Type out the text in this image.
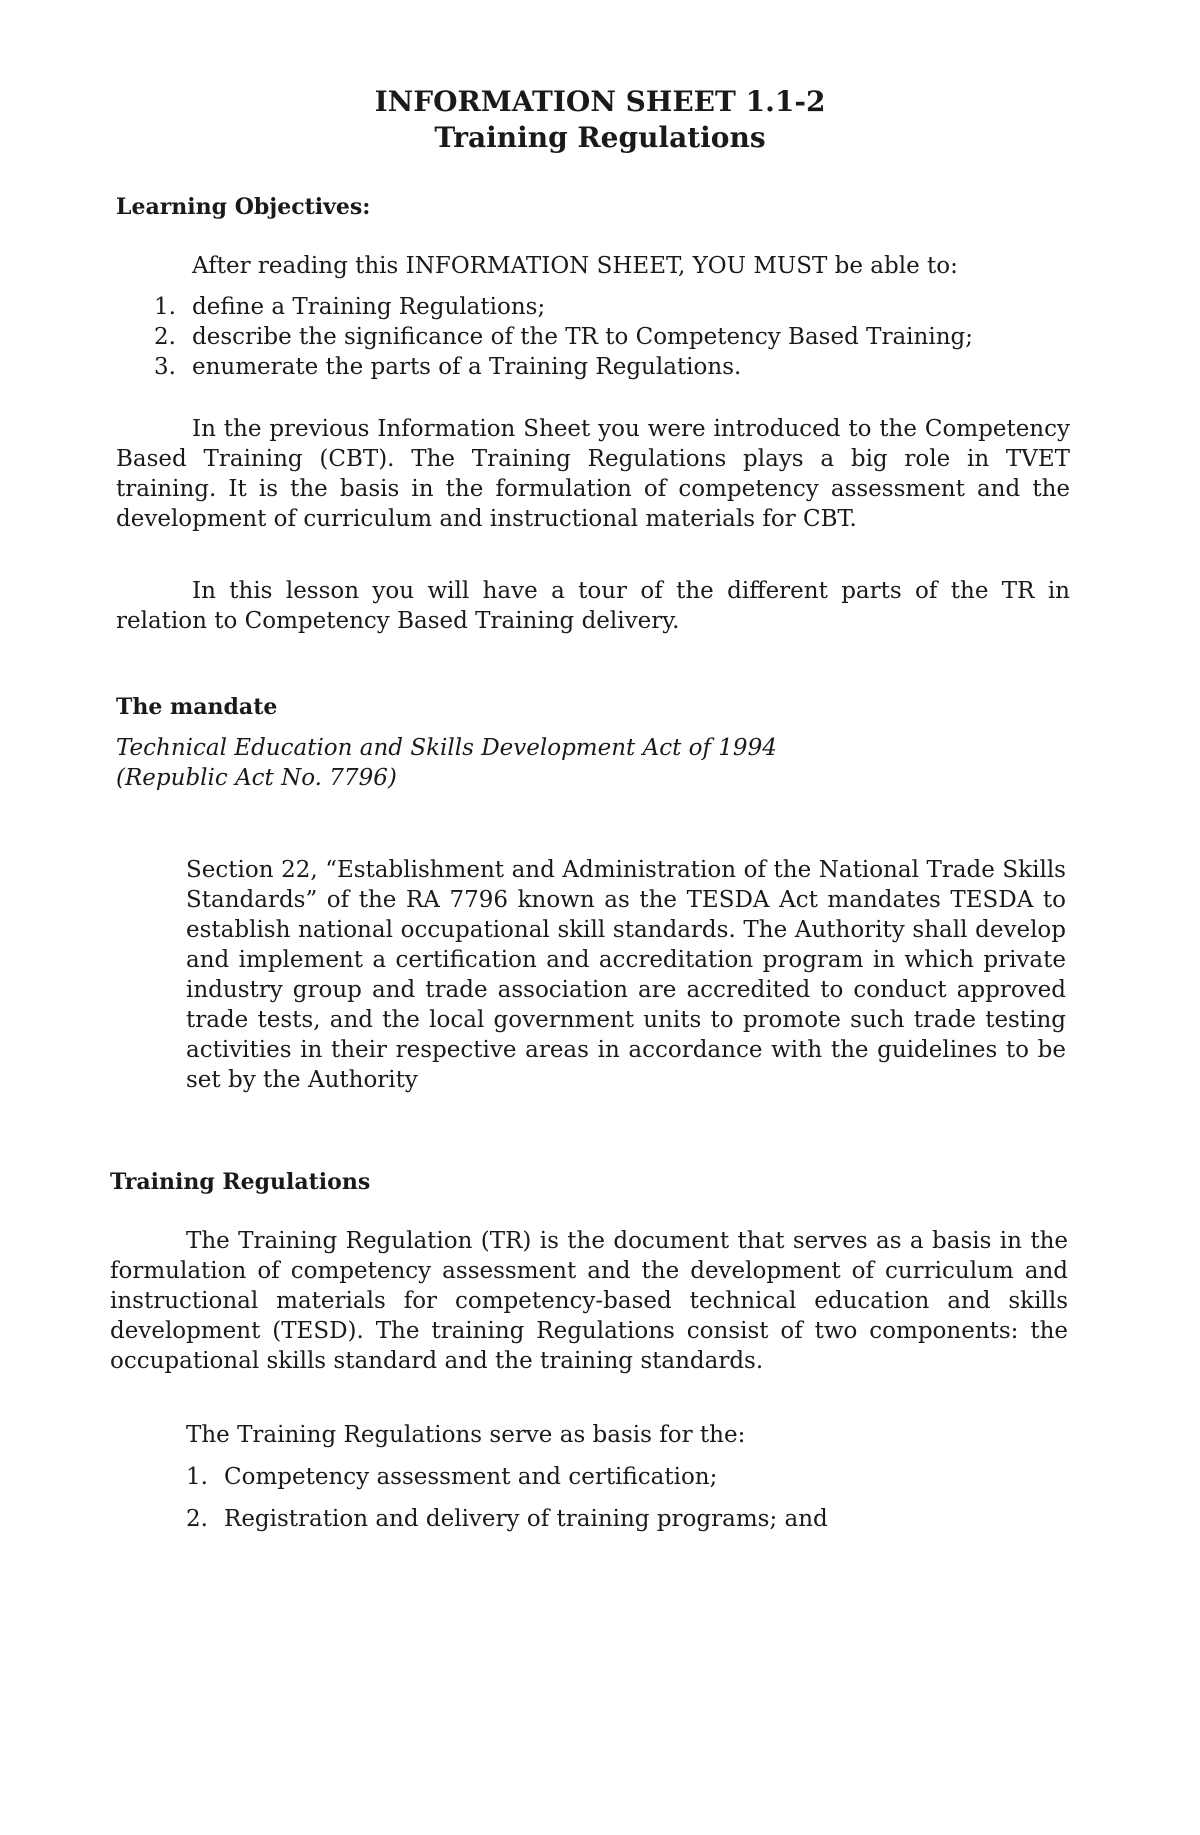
INFORMATION SHEET 1.1-2

Training Regulations

Learning Objectives:

After reading this INFORMATION SHEET, YOU MUST be able to:

1. define a Training Regulations;
2. describe the significance of the TR to Competency Based Training;
3. enumerate the parts of a Training Regulations.

In the previous Information Sheet you were introduced to the Competency Based Training (CBT). The Training Regulations plays a big role in TVET training. It is the basis in the formulation of competency assessment and the development of curriculum and instructional materials for CBT.

In this lesson you will have a tour of the different parts of the TR in relation to Competency Based Training delivery.

The mandate

Technical Education and Skills Development Act of 1994

(Republic Act No. 7796)

Section 22, “Establishment and Administration of the National Trade Skills Standards” of the RA 7796 known as the TESDA Act mandates TESDA to establish national occupational skill standards. The Authority shall develop and implement a certification and accreditation program in which private industry group and trade association are accredited to conduct approved trade tests, and the local government units to promote such trade testing activities in their respective areas in accordance with the guidelines to be set by the Authority

Training Regulations

The Training Regulation (TR) is the document that serves as a basis in the formulation of competency assessment and the development of curriculum and instructional materials for competency-based technical education and skills development (TESD). The training Regulations consist of two components: the occupational skills standard and the training standards.

The Training Regulations serve as basis for the:

1. Competency assessment and certification;
2. Registration and delivery of training programs; and
